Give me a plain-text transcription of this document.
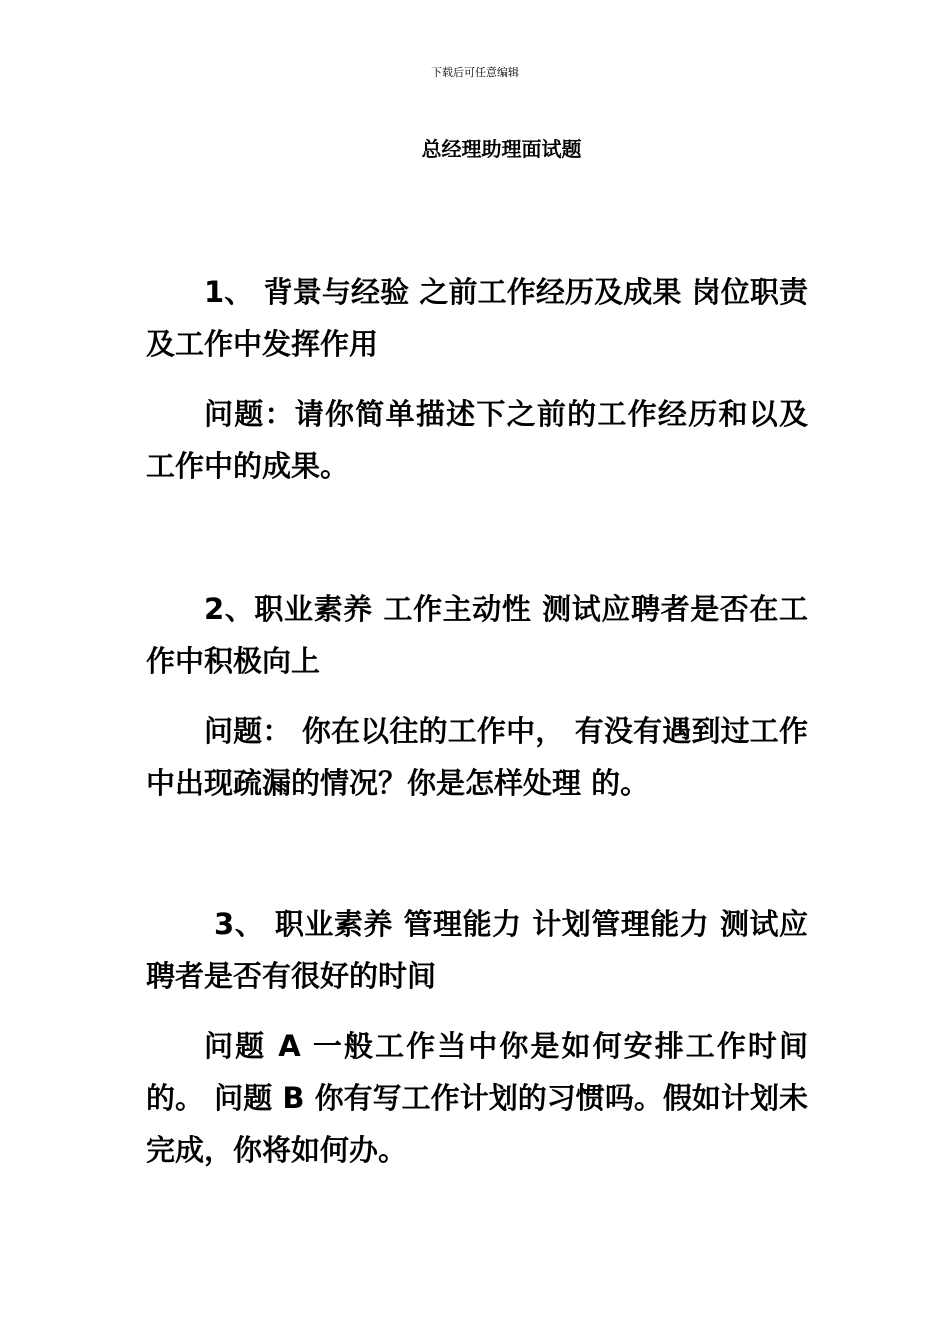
下载后可任意编辑
总经理助理面试题

1、 背景与经验 之前工作经历及成果 岗位职责及工作中发挥作用

问题：请你简单描述下之前的工作经历和以及工作中的成果。

2、职业素养 工作主动性 测试应聘者是否在工作中积极向上

问题： 你在以往的工作中， 有没有遇到过工作中出现疏漏的情况？你是怎样处理 的。

3、 职业素养 管理能力 计划管理能力 测试应聘者是否有很好的时间

问题 A 一般工作当中你是如何安排工作时间的。 问题 B 你有写工作计划的习惯吗。假如计划未完成，你将如何办。
